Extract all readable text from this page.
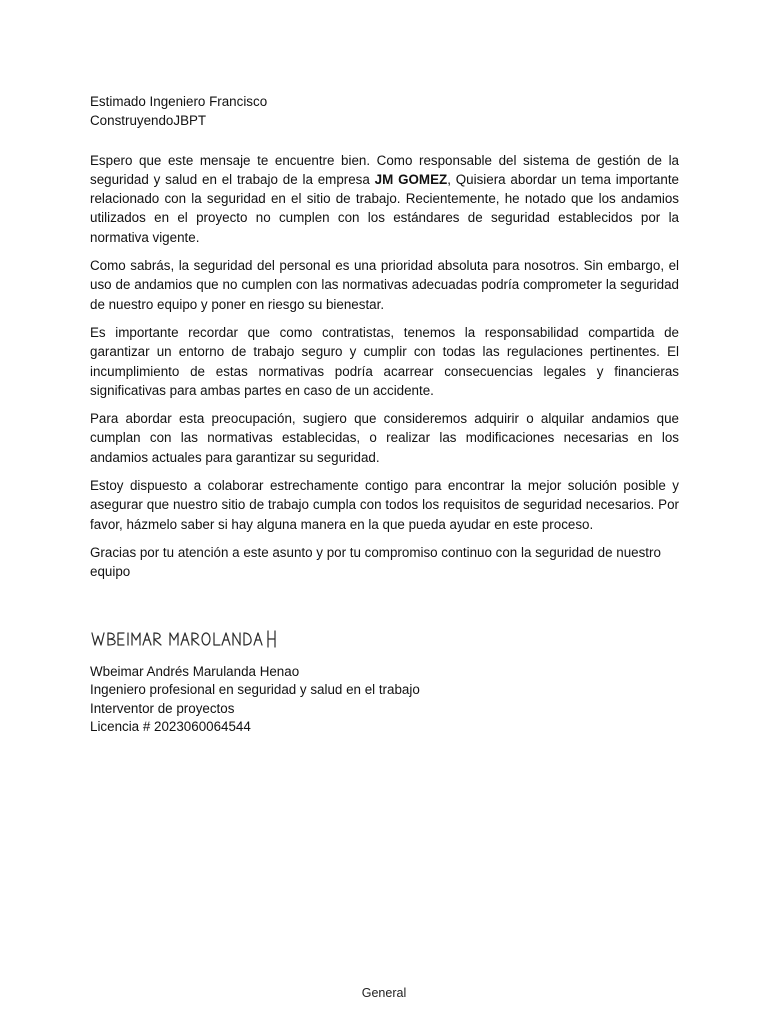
Estimado Ingeniero Francisco
ConstruyendoJBPT

Espero que este mensaje te encuentre bien. Como responsable del sistema de gestión de la seguridad y salud en el trabajo de la empresa JM GOMEZ, Quisiera abordar un tema importante relacionado con la seguridad en el sitio de trabajo. Recientemente, he notado que los andamios utilizados en el proyecto no cumplen con los estándares de seguridad establecidos por la normativa vigente.

Como sabrás, la seguridad del personal es una prioridad absoluta para nosotros. Sin embargo, el uso de andamios que no cumplen con las normativas adecuadas podría comprometer la seguridad de nuestro equipo y poner en riesgo su bienestar.

Es importante recordar que como contratistas, tenemos la responsabilidad compartida de garantizar un entorno de trabajo seguro y cumplir con todas las regulaciones pertinentes. El incumplimiento de estas normativas podría acarrear consecuencias legales y financieras significativas para ambas partes en caso de un accidente.

Para abordar esta preocupación, sugiero que consideremos adquirir o alquilar andamios que cumplan con las normativas establecidas, o realizar las modificaciones necesarias en los andamios actuales para garantizar su seguridad.

Estoy dispuesto a colaborar estrechamente contigo para encontrar la mejor solución posible y asegurar que nuestro sitio de trabajo cumpla con todos los requisitos de seguridad necesarios. Por favor, házmelo saber si hay alguna manera en la que pueda ayudar en este proceso.

Gracias por tu atención a este asunto y por tu compromiso continuo con la seguridad de nuestro equipo

Wbeimar Andrés Marulanda Henao
Ingeniero profesional en seguridad y salud en el trabajo
Interventor de proyectos
Licencia # 2023060064544
General
